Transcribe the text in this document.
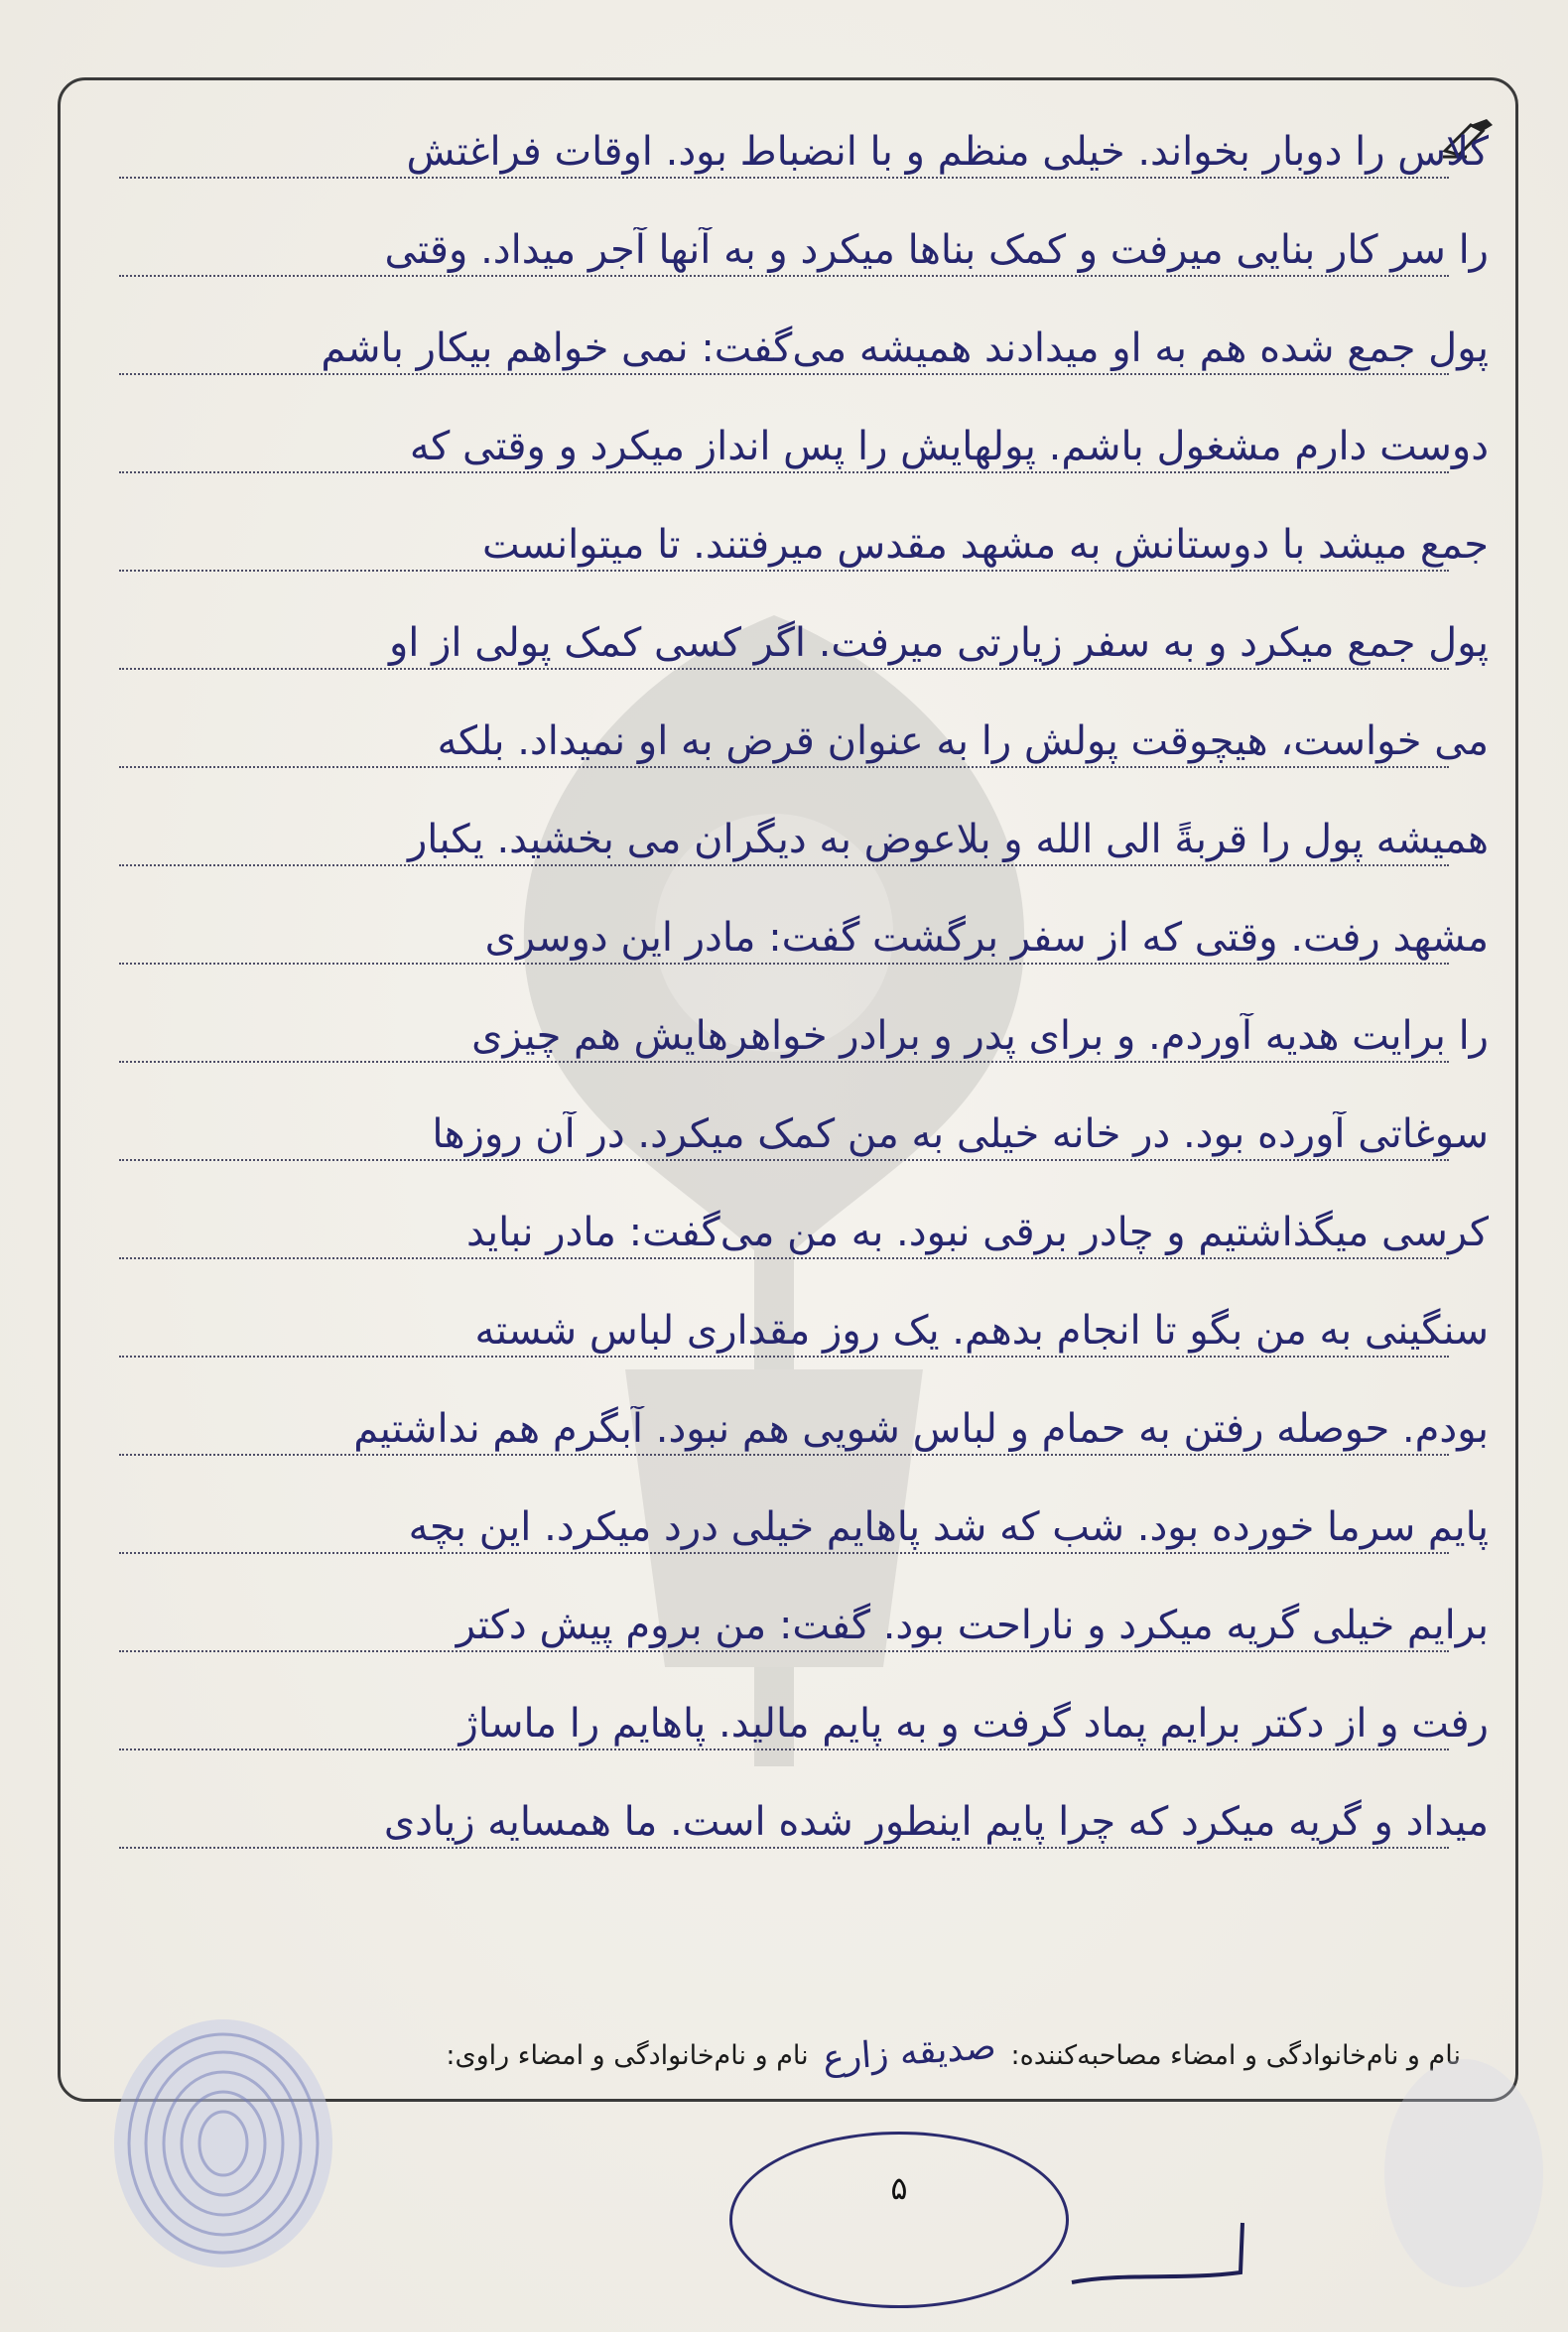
کلاس را دوبار بخواند. خیلی منظم و با انضباط بود. اوقات فراغتش
را سر کار بنایی میرفت و کمک بناها میکرد و به آنها آجر میداد. وقتی
پول جمع شده هم به او میدادند همیشه می‌گفت: نمی خواهم بیکار باشم
دوست دارم مشغول باشم. پولهایش را پس انداز میکرد و وقتی که
جمع میشد با دوستانش به مشهد مقدس میرفتند. تا میتوانست
پول جمع میکرد و به سفر زیارتی میرفت. اگر کسی کمک پولی از او
می خواست، هیچوقت پولش را به عنوان قرض به او نمیداد. بلکه
همیشه پول را قربةً الی الله و بلاعوض به دیگران می بخشید. یکبار
مشهد رفت. وقتی که از سفر برگشت گفت: مادر این دوسری
را برایت هدیه آوردم. و برای پدر و برادر خواهرهایش هم چیزی
سوغاتی آورده بود. در خانه خیلی به من کمک میکرد. در آن روزها
کرسی میگذاشتیم و چادر برقی نبود. به من می‌گفت: مادر نباید
سنگینی به من بگو تا انجام بدهم. یک روز مقداری لباس شسته
بودم. حوصله رفتن به حمام و لباس شویی هم نبود. آبگرم هم نداشتیم
پایم سرما خورده بود. شب که شد پاهایم خیلی درد میکرد. این بچه
برایم خیلی گریه میکرد و ناراحت بود. گفت: من بروم پیش دکتر
رفت و از دکتر برایم پماد گرفت و به پایم مالید. پاهایم را ماساژ
میداد و گریه میکرد که چرا پایم اینطور شده است. ما همسایه زیادی
نام و نام‌خانوادگی و امضاء مصاحبه‌کننده: صدیقه زارع نام و نام‌خانوادگی و امضاء راوی:
۵
